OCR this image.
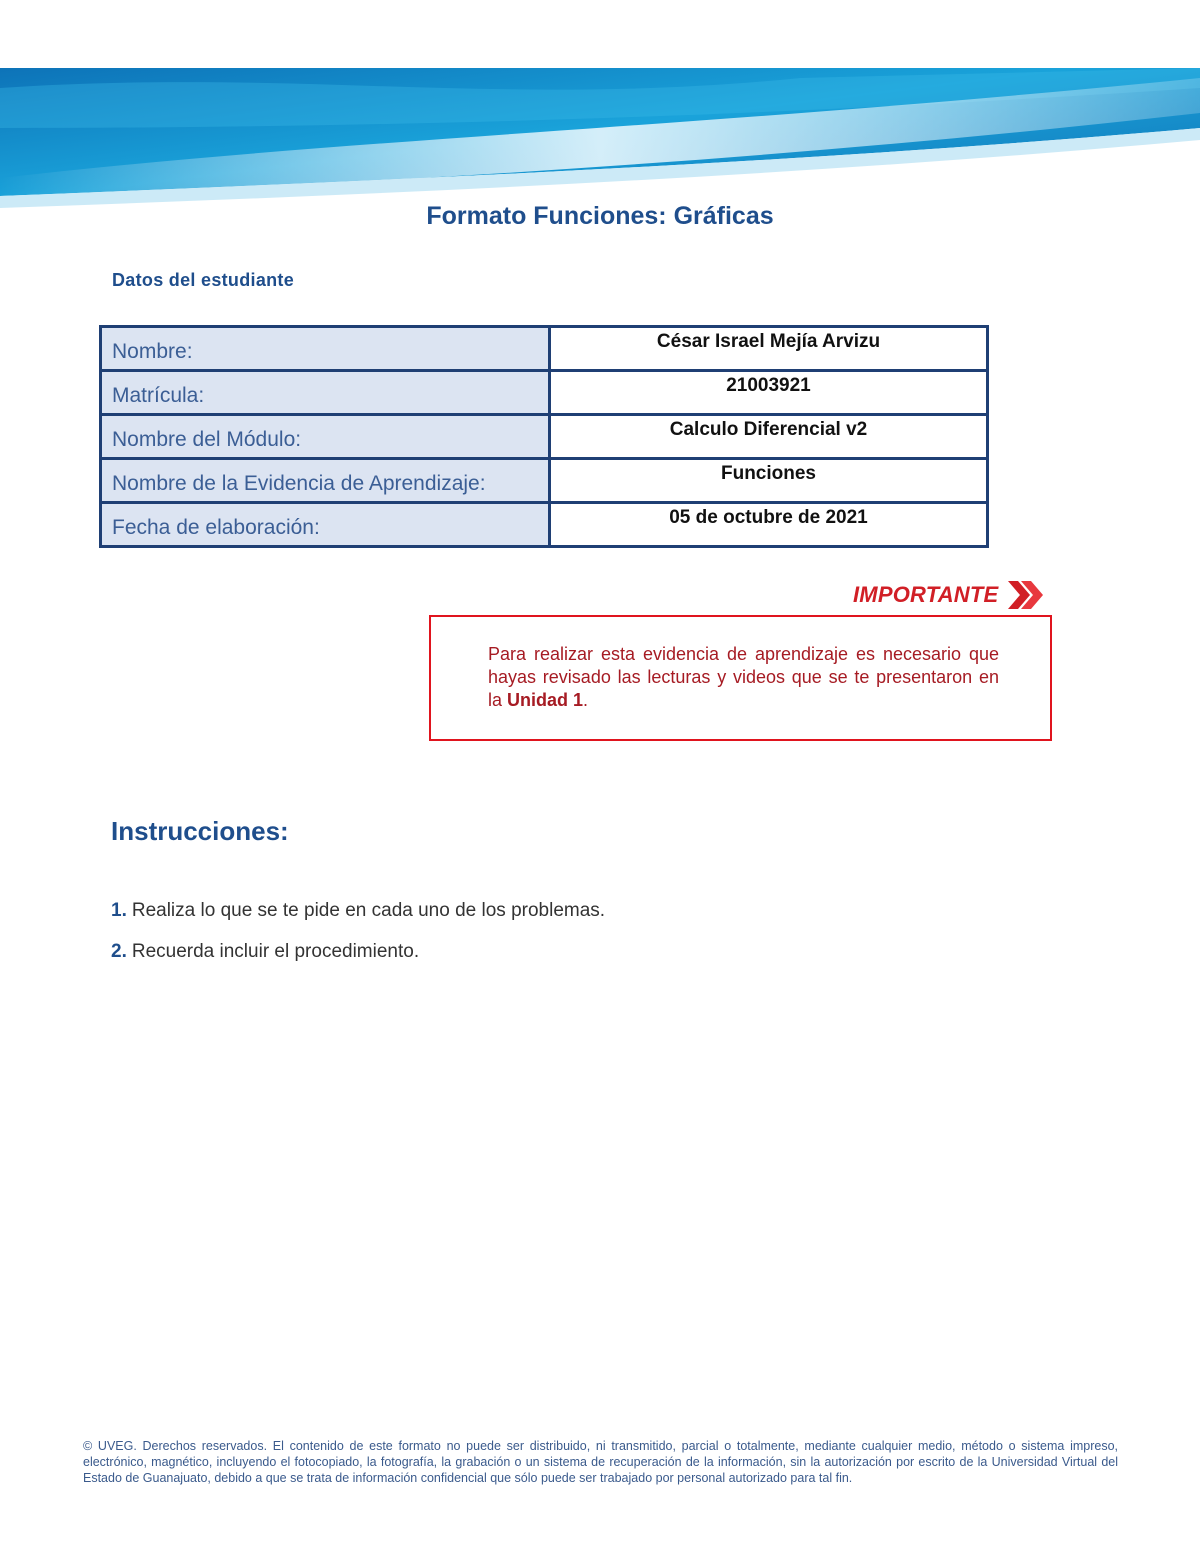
Formato Funciones: Gráficas
Datos del estudiante
Nombre:	César Israel Mejía Arvizu
Matrícula:	21003921
Nombre del Módulo:	Calculo Diferencial v2
Nombre de la Evidencia de Aprendizaje:	Funciones
Fecha de elaboración:	05 de octubre de 2021
IMPORTANTE
Para realizar esta evidencia de aprendizaje es necesario que hayas revisado las lecturas y videos que se te presentaron en la Unidad 1.
Instrucciones:
1. Realiza lo que se te pide en cada uno de los problemas.
2. Recuerda incluir el procedimiento.
© UVEG. Derechos reservados. El contenido de este formato no puede ser distribuido, ni transmitido, parcial o totalmente, mediante cualquier medio, método o sistema impreso, electrónico, magnético, incluyendo el fotocopiado, la fotografía, la grabación o un sistema de recuperación de la información, sin la autorización por escrito de la Universidad Virtual del Estado de Guanajuato, debido a que se trata de información confidencial que sólo puede ser trabajado por personal autorizado para tal fin.
